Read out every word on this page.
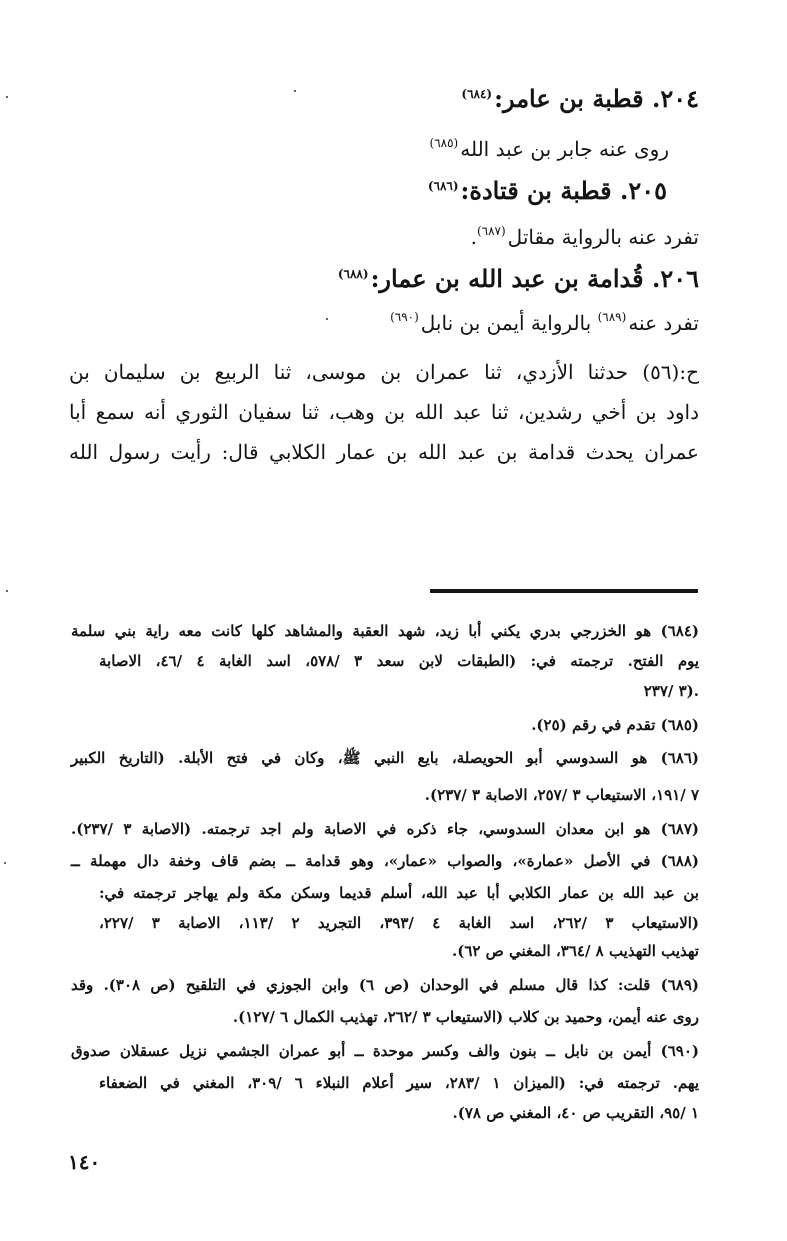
٢٠٤. قطبة بن عامر:$^{(٦٨٤)}$
روى عنه جابر بن عبد الله$^{(٦٨٥)}$
٢٠٥. قطبة بن قتادة:$^{(٦٨٦)}$
تفرد عنه بالرواية مقاتل$^{(٦٨٧)}$.
٢٠٦. قُدامة بن عبد الله بن عمار:$^{(٦٨٨)}$
تفرد عنه$^{(٦٨٩)}$ بالرواية أيمن بن نابل$^{(٦٩٠)}$
ح:(٥٦) حدثنا الأزدي، ثنا عمران بن موسى، ثنا الربيع بن سليمان بن
داود بن أخي رشدين، ثنا عبد الله بن وهب، ثنا سفيان الثوري أنه سمع أبا
عمران يحدث قدامة بن عبد الله بن عمار الكلابي قال: رأيت رسول الله
(٦٨٤) هو الخزرجي بدري يكني أبا زيد، شهد العقبة والمشاهد كلها كانت معه راية بني سلمة
يوم الفتح. ترجمته في: (الطبقات لابن سعد ٣ /٥٧٨، اسد الغابة ٤ /٤٦، الاصابة
٣ /٢٣٧).
(٦٨٥) تقدم في رقم (٢٥).
(٦٨٦) هو السدوسي أبو الحويصلة، بايع النبي ﷺ، وكان في فتح الأبلة. (التاريخ الكبير
٧ /١٩١، الاستيعاب ٣ /٢٥٧، الاصابة ٣ /٢٣٧).
(٦٨٧) هو ابن معدان السدوسي، جاء ذكره في الاصابة ولم اجد ترجمته. (الاصابة ٣ /٢٣٧).
(٦٨٨) في الأصل «عمارة»، والصواب «عمار»، وهو قدامة ــ بضم قاف وخفة دال مهملة ــ
بن عبد الله بن عمار الكلابي أبا عبد الله، أسلم قديما وسكن مكة ولم يهاجر ترجمته في:
(الاستيعاب ٣ /٢٦٢، اسد الغابة ٤ /٣٩٣، التجريد ٢ /١١٣، الاصابة ٣ /٢٢٧،
تهذيب التهذيب ٨ /٣٦٤، المغني ص ٦٢).
(٦٨٩) قلت: كذا قال مسلم في الوحدان (ص ٦) وابن الجوزي في التلقيح (ص ٣٠٨). وقد
روى عنه أيمن، وحميد بن كلاب (الاستيعاب ٣ /٢٦٢، تهذيب الكمال ٦ /١٢٧).
(٦٩٠) أيمن بن نابل ــ بنون والف وكسر موحدة ــ أبو عمران الجشمي نزيل عسقلان صدوق
يهم. ترجمته في: (الميزان ١ /٢٨٣، سير أعلام النبلاء ٦ /٣٠٩، المغني في الضعفاء
١ /٩٥، التقريب ص ٤٠، المغني ص ٧٨).
١٤٠
